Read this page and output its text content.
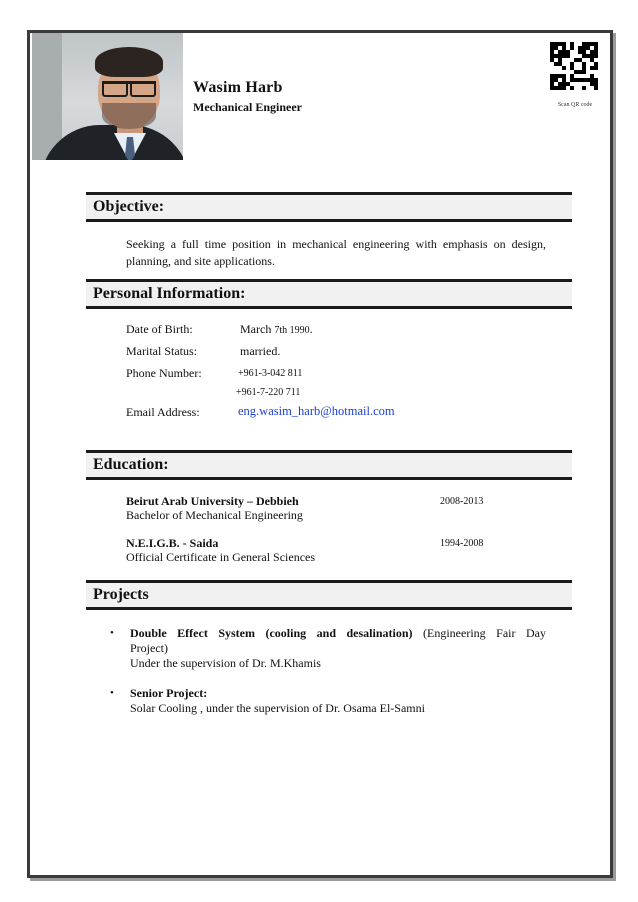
Wasim Harb
Mechanical Engineer	Scan QR code
Objective:
Seeking a full time position in mechanical engineering with emphasis on design, planning, and site applications.
Personal Information:
Date of Birth:	March 7th 1990.
Marital Status:	married.
Phone Number:	+961-3-042 811
+961-7-220 711
Email Address:	eng.wasim_harb@hotmail.com
Education:
Beirut Arab University – Debbieh	2008-2013
Bachelor of Mechanical Engineering
N.E.I.G.B. - Saida	1994-2008
Official Certificate in General Sciences
Projects
• Double Effect System (cooling and desalination) (Engineering Fair Day
Project)
Under the supervision of Dr. M.Khamis
• Senior Project:
Solar Cooling , under the supervision of Dr. Osama El-Samni
